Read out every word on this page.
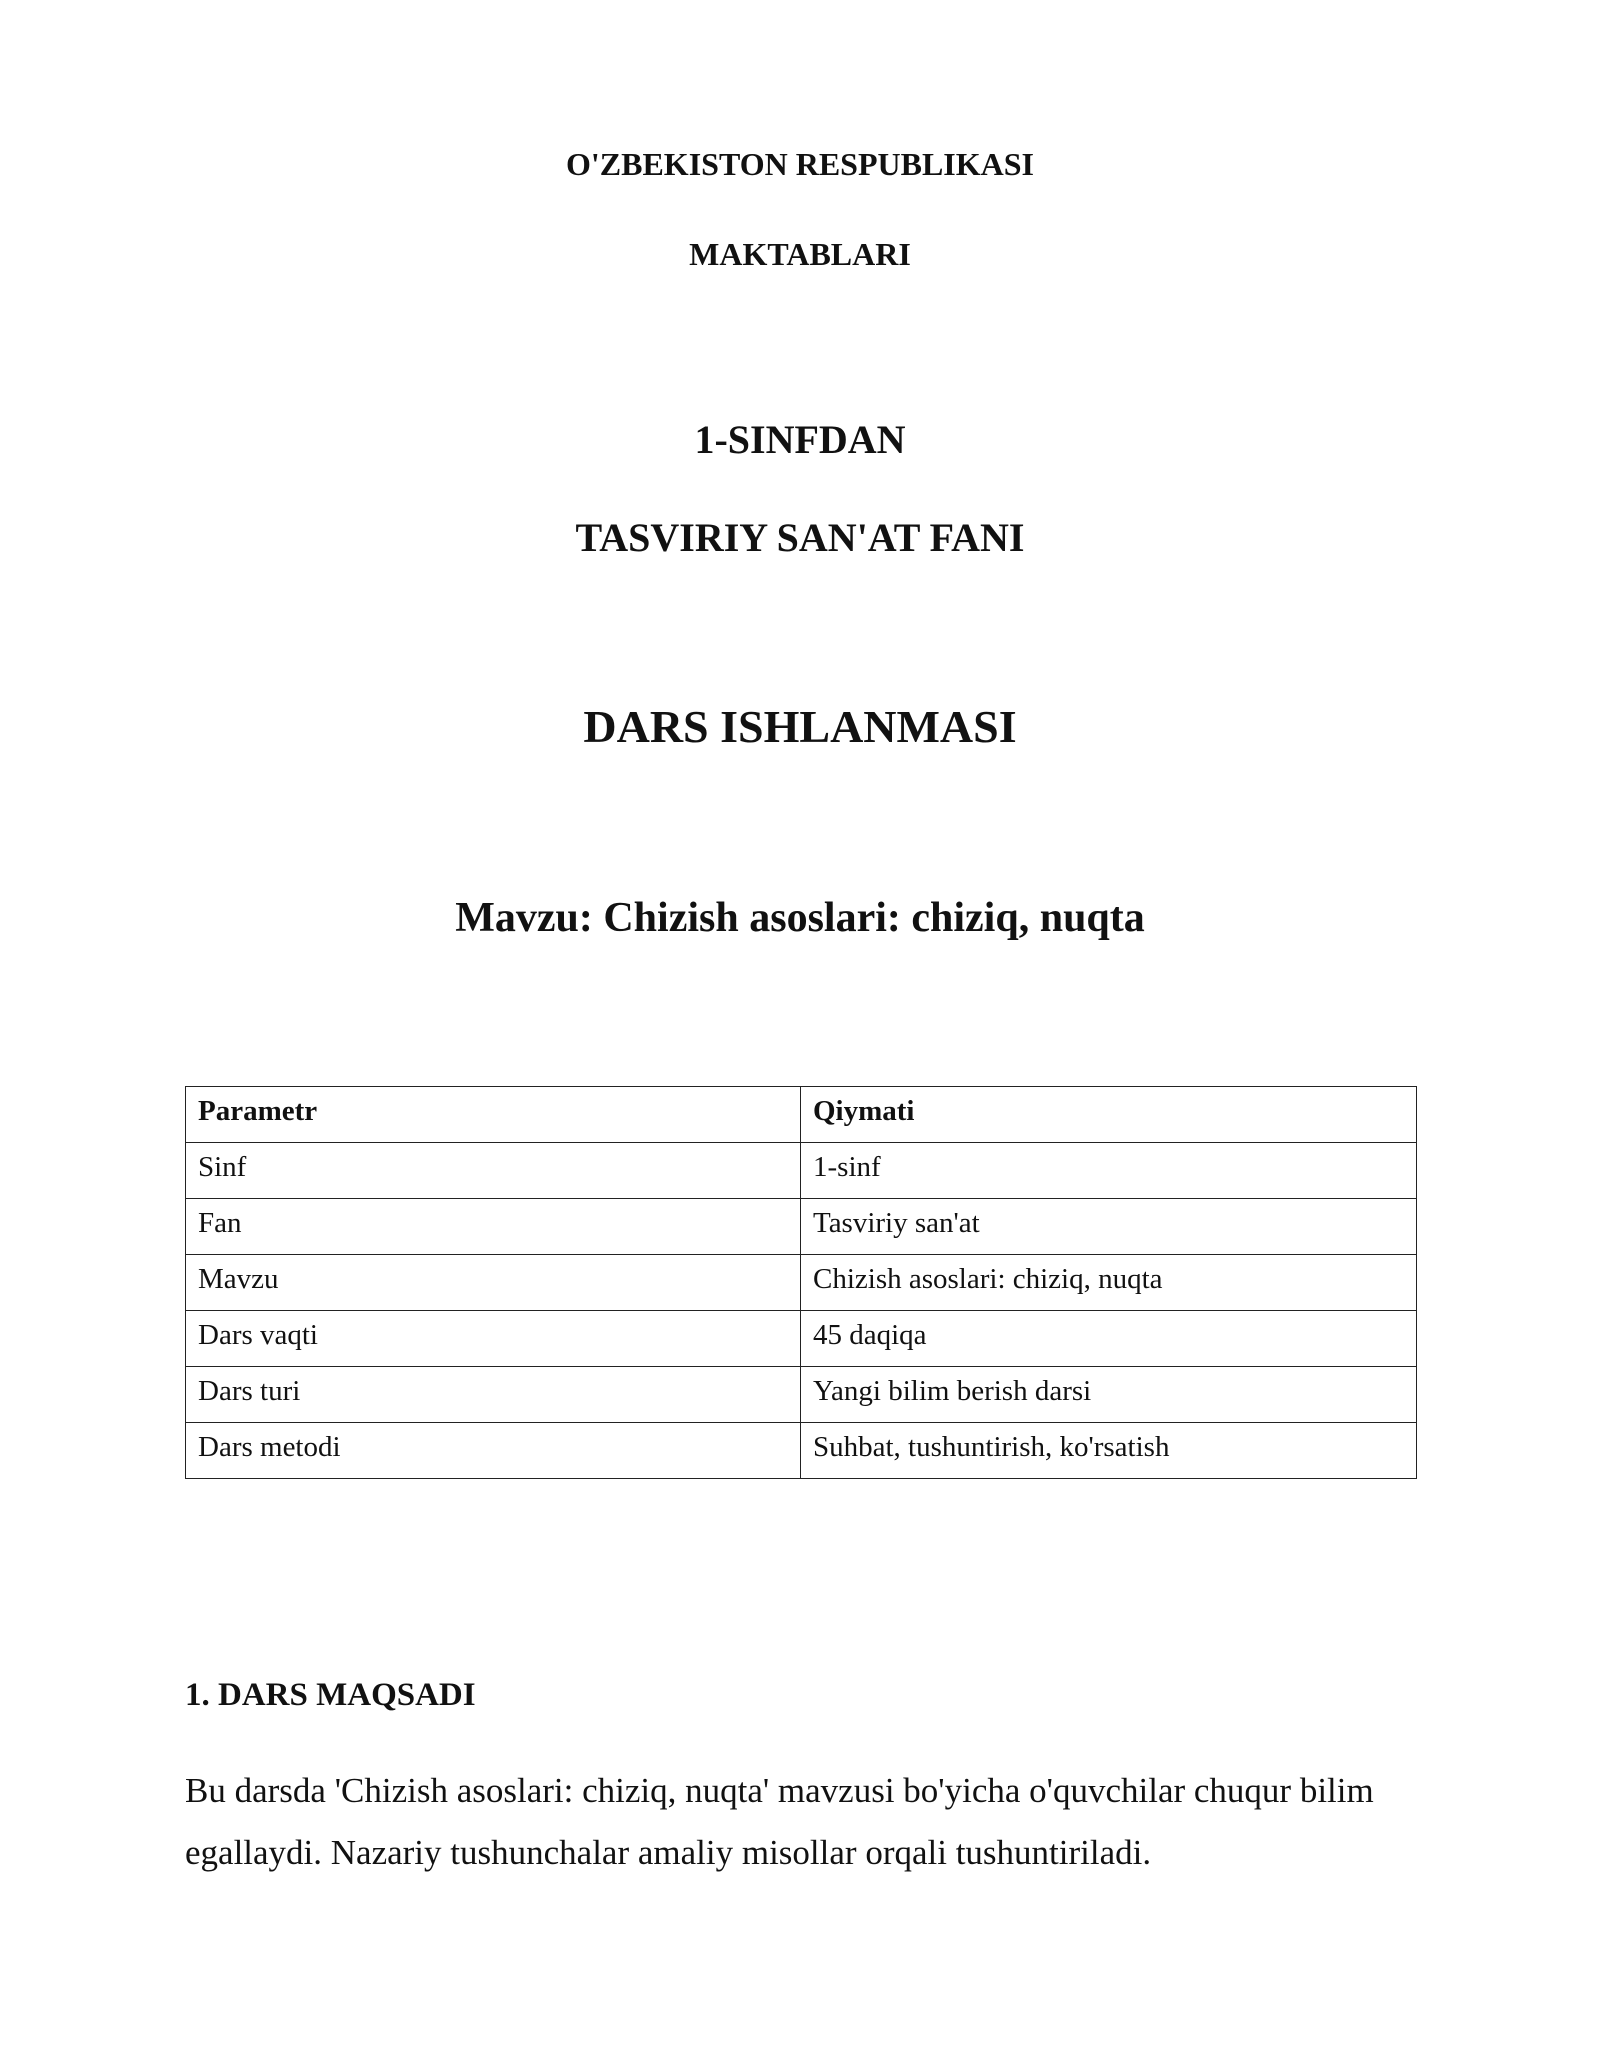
O'ZBEKISTON RESPUBLIKASI
MAKTABLARI
1-SINFDAN
TASVIRIY SAN'AT FANI
DARS ISHLANMASI
Mavzu: Chizish asoslari: chiziq, nuqta
Parametr	Qiymati
Sinf	1-sinf
Fan	Tasviriy san'at
Mavzu	Chizish asoslari: chiziq, nuqta
Dars vaqti	45 daqiqa
Dars turi	Yangi bilim berish darsi
Dars metodi	Suhbat, tushuntirish, ko'rsatish
1. DARS MAQSADI

Bu darsda 'Chizish asoslari: chiziq, nuqta' mavzusi bo'yicha o'quvchilar chuqur bilim egallaydi. Nazariy tushunchalar amaliy misollar orqali tushuntiriladi.
